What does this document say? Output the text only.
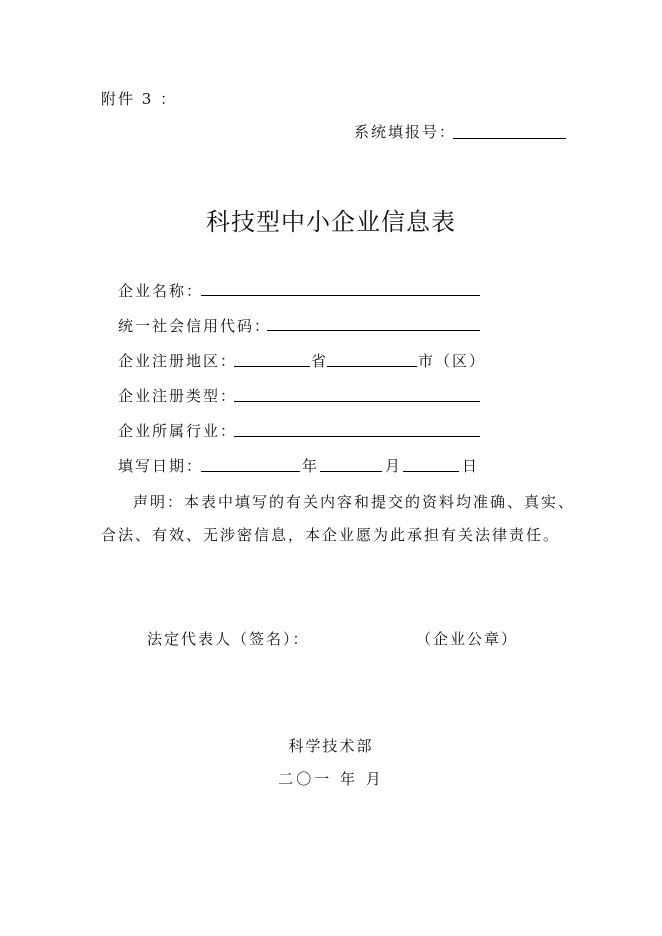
附件 3 ：
系统填报号：
科技型中小企业信息表
企业名称：
统一社会信用代码：
企业注册地区：	省	市（区）
企业注册类型：
企业所属行业：
填写日期：	年	月	日
声明：本表中填写的有关内容和提交的资料均准确、真实、
合法、有效、无涉密信息，本企业愿为此承担有关法律责任。
法定代表人（签名）：	（企业公章）
科学技术部
二〇一 年 月
